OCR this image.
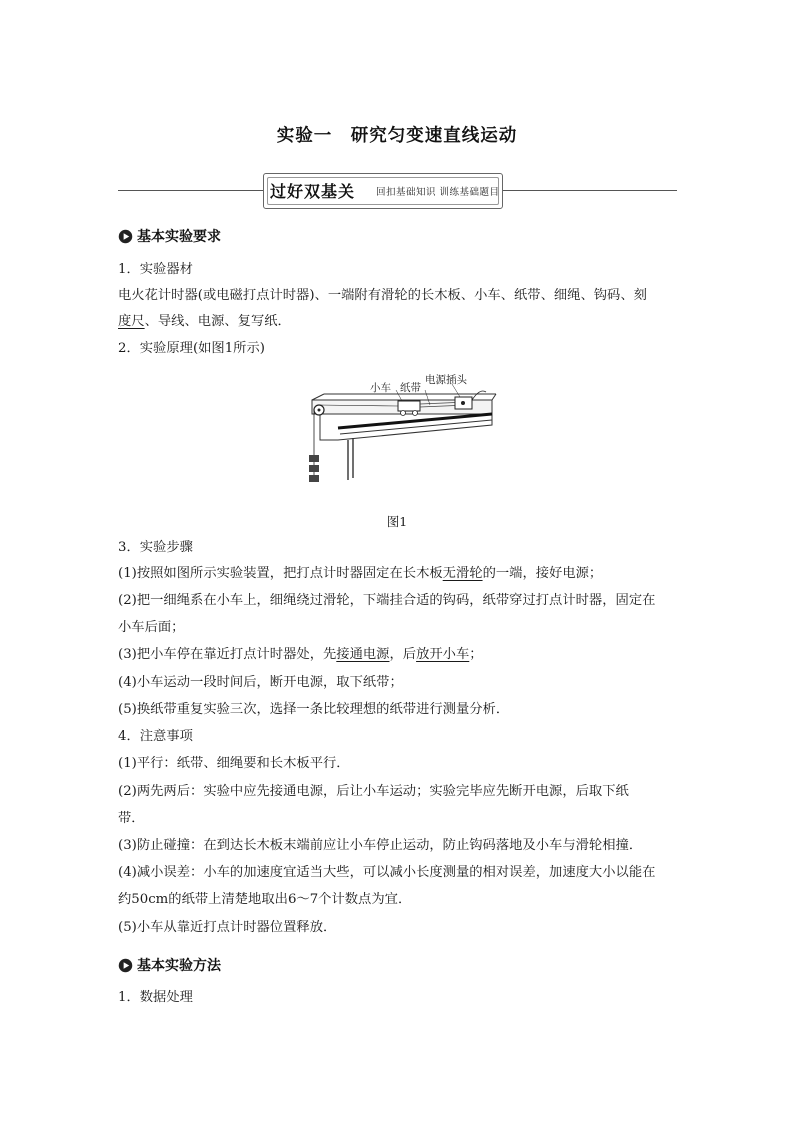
实验一　研究匀变速直线运动
过好双基关 回扣基础知识 训练基础题目
基本实验要求
1．实验器材
电火花计时器(或电磁打点计时器)、一端附有滑轮的长木板、小车、纸带、细绳、钩码、刻
度尺、导线、电源、复写纸．
2．实验原理(如图1所示)
小车 纸带
电源插头
图1
3．实验步骤
(1)按照如图所示实验装置，把打点计时器固定在长木板无滑轮的一端，接好电源；
(2)把一细绳系在小车上，细绳绕过滑轮，下端挂合适的钩码，纸带穿过打点计时器，固定在
小车后面；
(3)把小车停在靠近打点计时器处，先接通电源，后放开小车；
(4)小车运动一段时间后，断开电源，取下纸带；
(5)换纸带重复实验三次，选择一条比较理想的纸带进行测量分析．
4．注意事项
(1)平行：纸带、细绳要和长木板平行．
(2)两先两后：实验中应先接通电源，后让小车运动；实验完毕应先断开电源，后取下纸
带．
(3)防止碰撞：在到达长木板末端前应让小车停止运动，防止钩码落地及小车与滑轮相撞．
(4)减小误差：小车的加速度宜适当大些，可以减小长度测量的相对误差，加速度大小以能在
约50cm的纸带上清楚地取出6～7个计数点为宜．
(5)小车从靠近打点计时器位置释放．
基本实验方法
1．数据处理
